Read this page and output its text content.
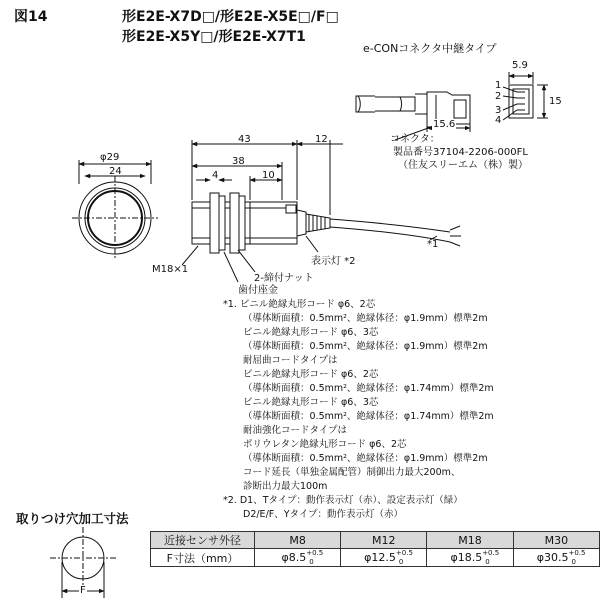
図14	形E2E-X7D□/形E2E-X5E□/F□
形E2E-X5Y□/形E2E-X7T1
e-CONコネクタ中継タイプ
5.9
15
15.6
1
2
3
4
コネクタ：
製品番号37104-2206-000FL
（住友スリーエム（株）製）
φ29
24
43
38
12
4	10
M18×1
2-締付ナット
歯付座金
表示灯 *2
*1
*1. ビニル絶縁丸形コード φ6、2芯
（導体断面積：0.5mm²、絶縁体径：φ1.9mm）標準2m
ビニル絶縁丸形コード φ6、3芯
（導体断面積：0.5mm²、絶縁体径：φ1.9mm）標準2m
耐屈曲コードタイプは
ビニル絶縁丸形コード φ6、2芯
（導体断面積：0.5mm²、絶縁体径：φ1.74mm）標準2m
ビニル絶縁丸形コード φ6、3芯
（導体断面積：0.5mm²、絶縁体径：φ1.74mm）標準2m
耐油強化コードタイプは
ポリウレタン絶縁丸形コード φ6、2芯
（導体断面積：0.5mm²、絶縁体径：φ1.9mm）標準2m
コード延長（単独金属配管）制御出力最大200m、
診断出力最大100m
*2. D1、Tタイプ：動作表示灯（赤）、設定表示灯（緑）
D2/E/F、Yタイプ：動作表示灯（赤）
取りつけ穴加工寸法
F
近接センサ外径	M8	M12	M18	M30
F寸法（mm）	$\varphi 8.5^{+0.5}_0$	$\varphi 12.5^{+0.5}_0$	$\varphi 18.5^{+0.5}_0$	$\varphi 30.5^{+0.5}_0$
